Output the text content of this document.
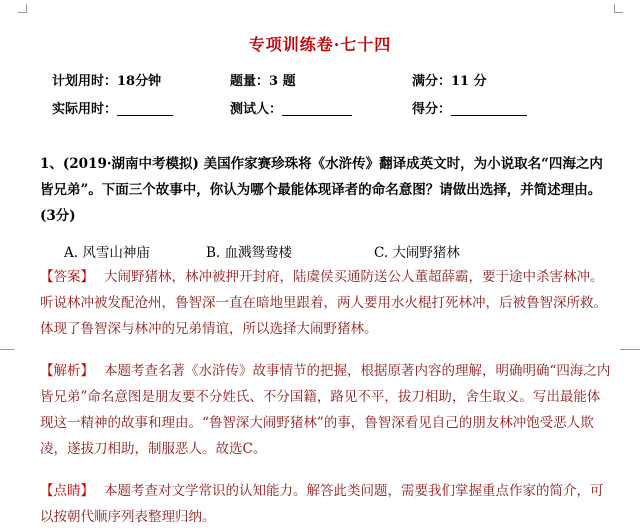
专项训练卷·七十四
计划用时：18分钟	题量：3 题	满分：11 分
实际用时：	测试人：	得分：
1、(2019·湖南中考模拟) 美国作家赛珍珠将《水浒传》翻译成英文时，为小说取名“四海之内皆兄弟”。下面三个故事中，你认为哪个最能体现译者的命名意图？请做出选择，并简述理由。(3分)
A. 风雪山神庙	B. 血溅鸳鸯楼	C. 大闹野猪林
【答案】 大闹野猪林，林冲被押开封府，陆虞侯买通防送公人董超薛霸，要于途中杀害林冲。听说林冲被发配沧州，鲁智深一直在暗地里跟着，两人要用水火棍打死林冲，后被鲁智深所救。体现了鲁智深与林冲的兄弟情谊，所以选择大闹野猪林。
【解析】 本题考查名著《水浒传》故事情节的把握，根据原著内容的理解，明确明确“四海之内皆兄弟”命名意图是朋友要不分姓氏、不分国籍，路见不平，拔刀相助，舍生取义。写出最能体现这一精神的故事和理由。“鲁智深大闹野猪林”的事，鲁智深看见自己的朋友林冲饱受恶人欺凌，遂拔刀相助，制服恶人。故选C。
【点睛】 本题考查对文学常识的认知能力。解答此类问题，需要我们掌握重点作家的简介，可以按朝代顺序列表整理归纳。
